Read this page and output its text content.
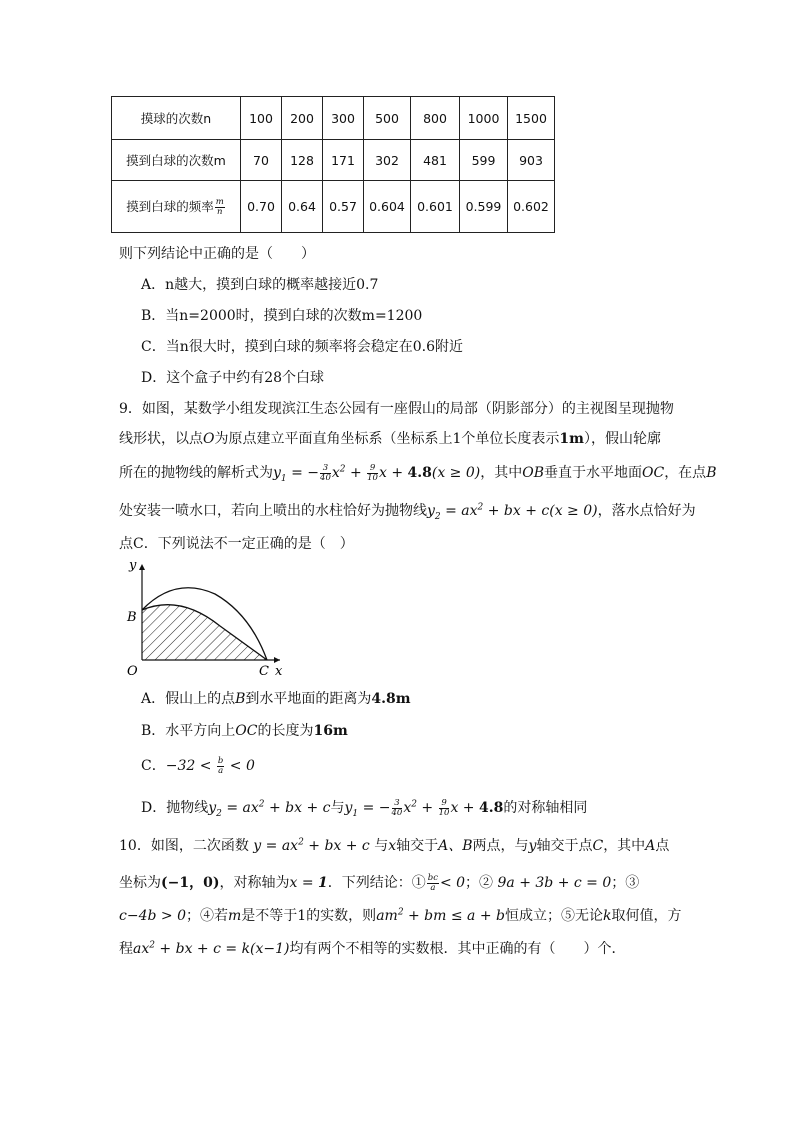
摸球的次数n	100	200	300	500	800	1000	1500
摸到白球的次数m	70	128	171	302	481	599	903
摸到白球的频率 $\frac{m}{n}$	0.70	0.64	0.57	0.604	0.601	0.599	0.602
则下列结论中正确的是（　　）
A．n越大，摸到白球的概率越接近0.7
B．当n=2000时，摸到白球的次数m=1200
C．当n很大时，摸到白球的频率将会稳定在0.6附近
D．这个盒子中约有28个白球
9．如图，某数学小组发现滨江生态公园有一座假山的局部（阴影部分）的主视图呈现抛物
线形状，以点O为原点建立平面直角坐标系（坐标系上1个单位长度表示1m），假山轮廓
所在的抛物线的解析式为$y_1$ = − $\frac{3}{40} x^2 + \frac{9}{10}$ x + 4.8(x ≥ 0)，其中OB垂直于水平地面OC，在点B
处安装一喷水口，若向上喷出的水柱恰好为抛物线$y_2 = ax^2$ + bx + c(x ≥ 0)，落水点恰好为
点C．下列说法不一定正确的是（　）
y
x
B
O	C
A．假山上的点B到水平地面的距离为4.8m
B．水平方向上OC的长度为16m
C．$-32 < \frac{b}{a} < 0$
D．抛物线$y_2 = ax^2$ + bx + c与$y_1$ = − $\frac{3}{40} x^2 + \frac{9}{10}$ x + 4.8的对称轴相同
10．如图，二次函数 $y = ax^2$ + bx + c 与x轴交于A、B两点，与y轴交于点C，其中A点
坐标为(−1，0)，对称轴为x = 1．下列结论：① $\frac{bc}{a} < 0$；② 9a + 3b + c = 0；③
c−4b > 0；④若m是不等于1的实数，则$am^2$ + bm ≤ a + b恒成立；⑤无论k取何值，方
程$ax^2$ + bx + c = k(x−1)均有两个不相等的实数根．其中正确的有（　　）个．
